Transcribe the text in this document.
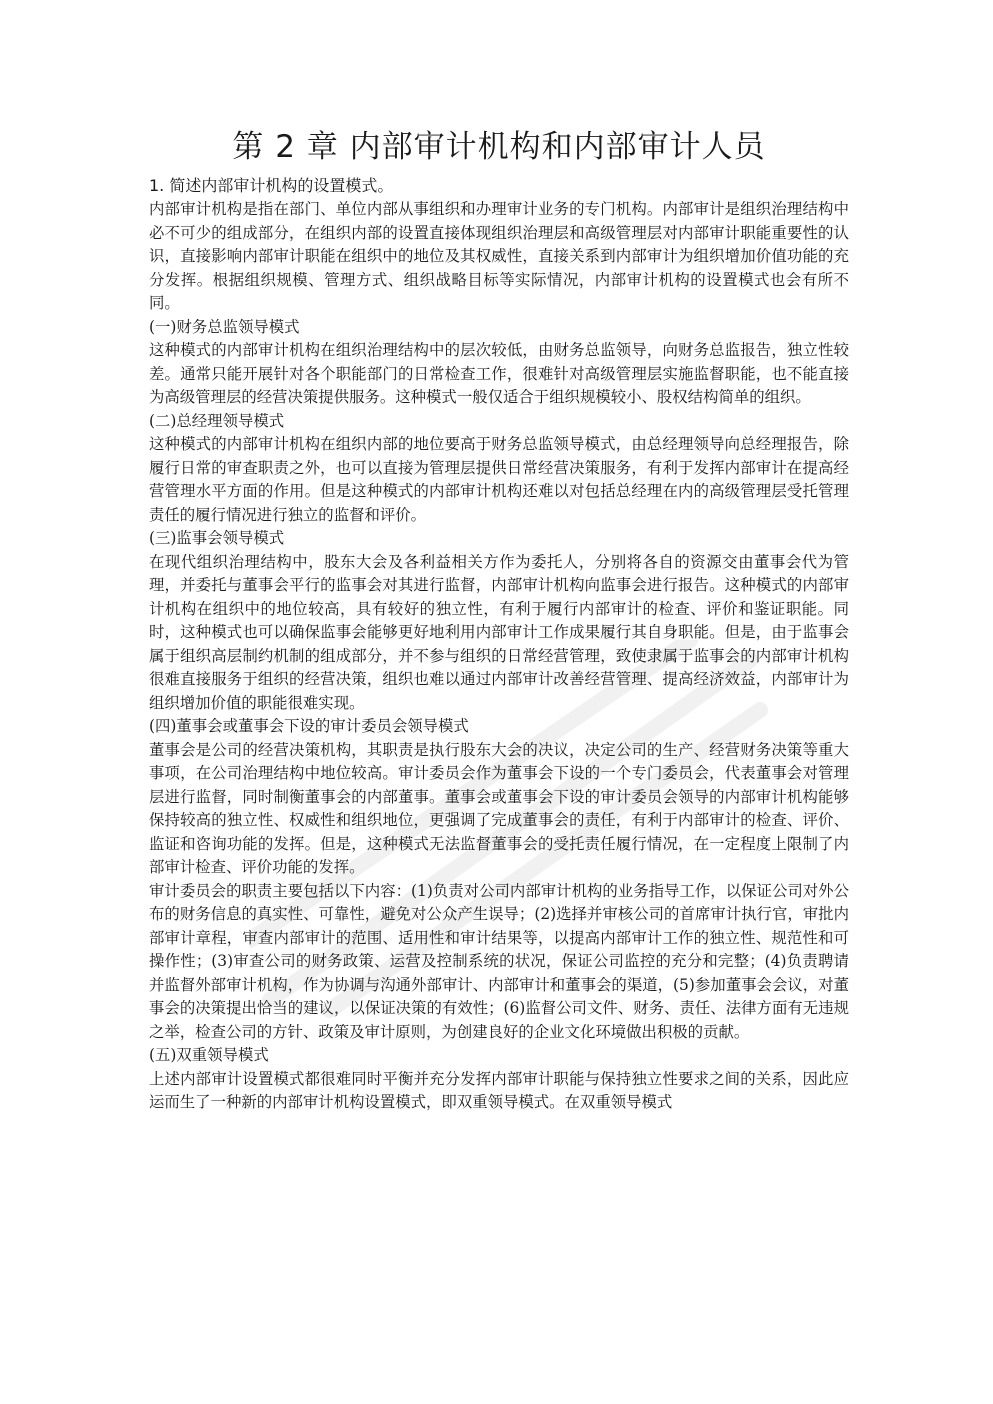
第 2 章 内部审计机构和内部审计人员
1. 简述内部审计机构的设置模式。

内部审计机构是指在部门、单位内部从事组织和办理审计业务的专门机构。内部审计是组织治理结构中必不可少的组成部分，在组织内部的设置直接体现组织治理层和高级管理层对内部审计职能重要性的认识，直接影响内部审计职能在组织中的地位及其权威性，直接关系到内部审计为组织增加价值功能的充分发挥。根据组织规模、管理方式、组织战略目标等实际情况，内部审计机构的设置模式也会有所不同。

(一)财务总监领导模式

这种模式的内部审计机构在组织治理结构中的层次较低，由财务总监领导，向财务总监报告，独立性较差。通常只能开展针对各个职能部门的日常检查工作，很难针对高级管理层实施监督职能，也不能直接为高级管理层的经营决策提供服务。这种模式一般仅适合于组织规模较小、股权结构简单的组织。

(二)总经理领导模式

这种模式的内部审计机构在组织内部的地位要高于财务总监领导模式，由总经理领导向总经理报告，除履行日常的审查职责之外，也可以直接为管理层提供日常经营决策服务，有利于发挥内部审计在提高经营管理水平方面的作用。但是这种模式的内部审计机构还难以对包括总经理在内的高级管理层受托管理责任的履行情况进行独立的监督和评价。

(三)监事会领导模式

在现代组织治理结构中，股东大会及各利益相关方作为委托人，分别将各自的资源交由董事会代为管理，并委托与董事会平行的监事会对其进行监督，内部审计机构向监事会进行报告。这种模式的内部审计机构在组织中的地位较高，具有较好的独立性，有利于履行内部审计的检查、评价和鉴证职能。同时，这种模式也可以确保监事会能够更好地利用内部审计工作成果履行其自身职能。但是，由于监事会属于组织高层制约机制的组成部分，并不参与组织的日常经营管理，致使隶属于监事会的内部审计机构很难直接服务于组织的经营决策，组织也难以通过内部审计改善经营管理、提高经济效益，内部审计为组织增加价值的职能很难实现。

(四)董事会或董事会下设的审计委员会领导模式

董事会是公司的经营决策机构，其职责是执行股东大会的决议，决定公司的生产、经营财务决策等重大事项，在公司治理结构中地位较高。审计委员会作为董事会下设的一个专门委员会，代表董事会对管理层进行监督，同时制衡董事会的内部董事。董事会或董事会下设的审计委员会领导的内部审计机构能够保持较高的独立性、权威性和组织地位，更强调了完成董事会的责任，有利于内部审计的检查、评价、监证和咨询功能的发挥。但是，这种模式无法监督董事会的受托责任履行情况，在一定程度上限制了内部审计检查、评价功能的发挥。

审计委员会的职责主要包括以下内容：(1)负责对公司内部审计机构的业务指导工作，以保证公司对外公布的财务信息的真实性、可靠性，避免对公众产生误导；(2)选择并审核公司的首席审计执行官，审批内部审计章程，审查内部审计的范围、适用性和审计结果等，以提高内部审计工作的独立性、规范性和可操作性；(3)审查公司的财务政策、运营及控制系统的状况，保证公司监控的充分和完整；(4)负责聘请并监督外部审计机构，作为协调与沟通外部审计、内部审计和董事会的渠道，(5)参加董事会会议，对董事会的决策提出恰当的建议，以保证决策的有效性；(6)监督公司文件、财务、责任、法律方面有无违规之举，检查公司的方针、政策及审计原则，为创建良好的企业文化环境做出积极的贡献。

(五)双重领导模式

上述内部审计设置模式都很难同时平衡并充分发挥内部审计职能与保持独立性要求之间的关系，因此应运而生了一种新的内部审计机构设置模式，即双重领导模式。在双重领导模式
